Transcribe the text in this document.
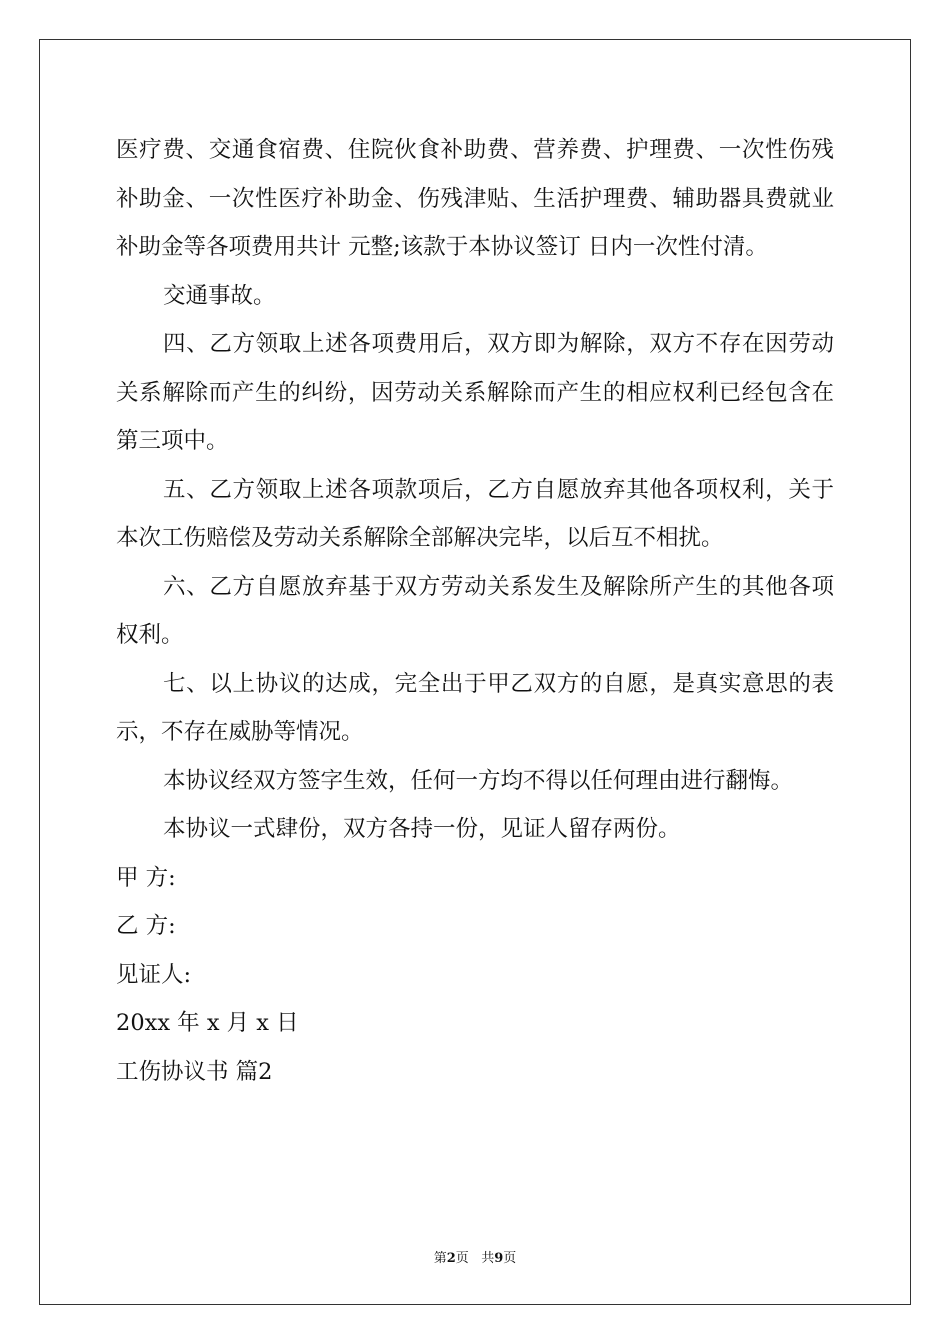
医疗费、交通食宿费、住院伙食补助费、营养费、护理费、一次性伤残补助金、一次性医疗补助金、伤残津贴、生活护理费、辅助器具费就业补助金等各项费用共计 元整;该款于本协议签订 日内一次性付清。

交通事故。

四、乙方领取上述各项费用后，双方即为解除，双方不存在因劳动关系解除而产生的纠纷，因劳动关系解除而产生的相应权利已经包含在第三项中。

五、乙方领取上述各项款项后，乙方自愿放弃其他各项权利，关于本次工伤赔偿及劳动关系解除全部解决完毕，以后互不相扰。

六、乙方自愿放弃基于双方劳动关系发生及解除所产生的其他各项权利。

七、以上协议的达成，完全出于甲乙双方的自愿，是真实意思的表示，不存在威胁等情况。

本协议经双方签字生效，任何一方均不得以任何理由进行翻悔。

本协议一式肆份，双方各持一份，见证人留存两份。

甲 方:

乙 方:

见证人:

20xx 年 x 月 x 日

工伤协议书 篇2

第2页 共9页
